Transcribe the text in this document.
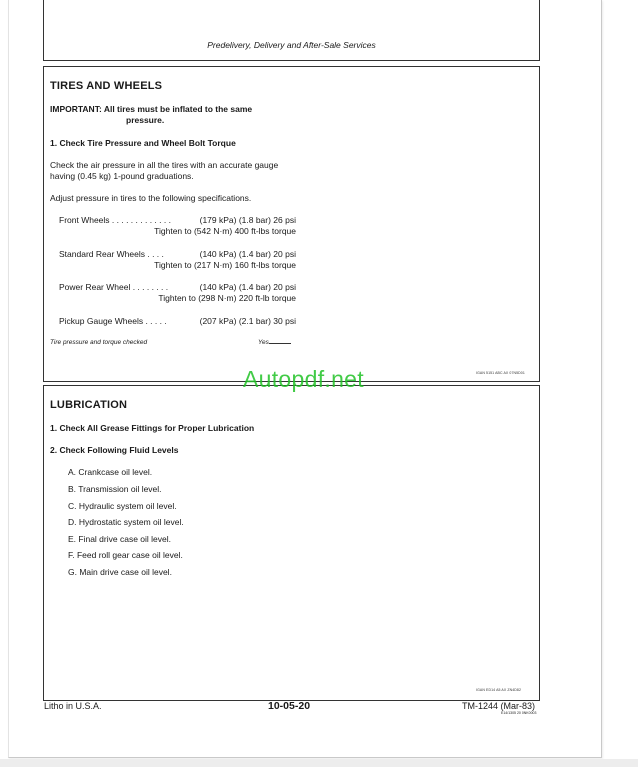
Predelivery, Delivery and After-Sale Services
TIRES AND WHEELS
IMPORTANT: All tires must be inflated to the same
pressure.
1. Check Tire Pressure and Wheel Bolt Torque
Check the air pressure in all the tires with an accurate gauge
having (0.45 kg) 1-pound graduations.
Adjust pressure in tires to the following specifications.
Front Wheels . . . . . . . . . . . . .	(179 kPa) (1.8 bar) 26 psi
Tighten to (542 N·m) 400 ft-lbs torque
Standard Rear Wheels . . . .	(140 kPa) (1.4 bar) 20 psi
Tighten to (217 N·m) 160 ft-lbs torque
Power Rear Wheel . . . . . . . .	(140 kPa) (1.4 bar) 20 psi
Tighten to (298 N·m) 220 ft-lb torque
Pickup Gauge Wheels . . . . .	(207 kPa) (2.1 bar) 30 psi
Tire pressure and torque checked	Yes
IGAN 5151 ABC AX 07N5D01
LUBRICATION
1. Check All Grease Fittings for Proper Lubrication
2. Check Following Fluid Levels
A. Crankcase oil level.
B. Transmission oil level.
C. Hydraulic system oil level.
D. Hydrostatic system oil level.
E. Final drive case oil level.
F. Feed roll gear case oil level.
G. Main drive case oil level.
IGAN ED14 A5 AX ZN4D82
Autopdf.net
Litho in U.S.A.	10-05-20	TM-1244 (Mar-83)
E14/1305 20 0NK0003
